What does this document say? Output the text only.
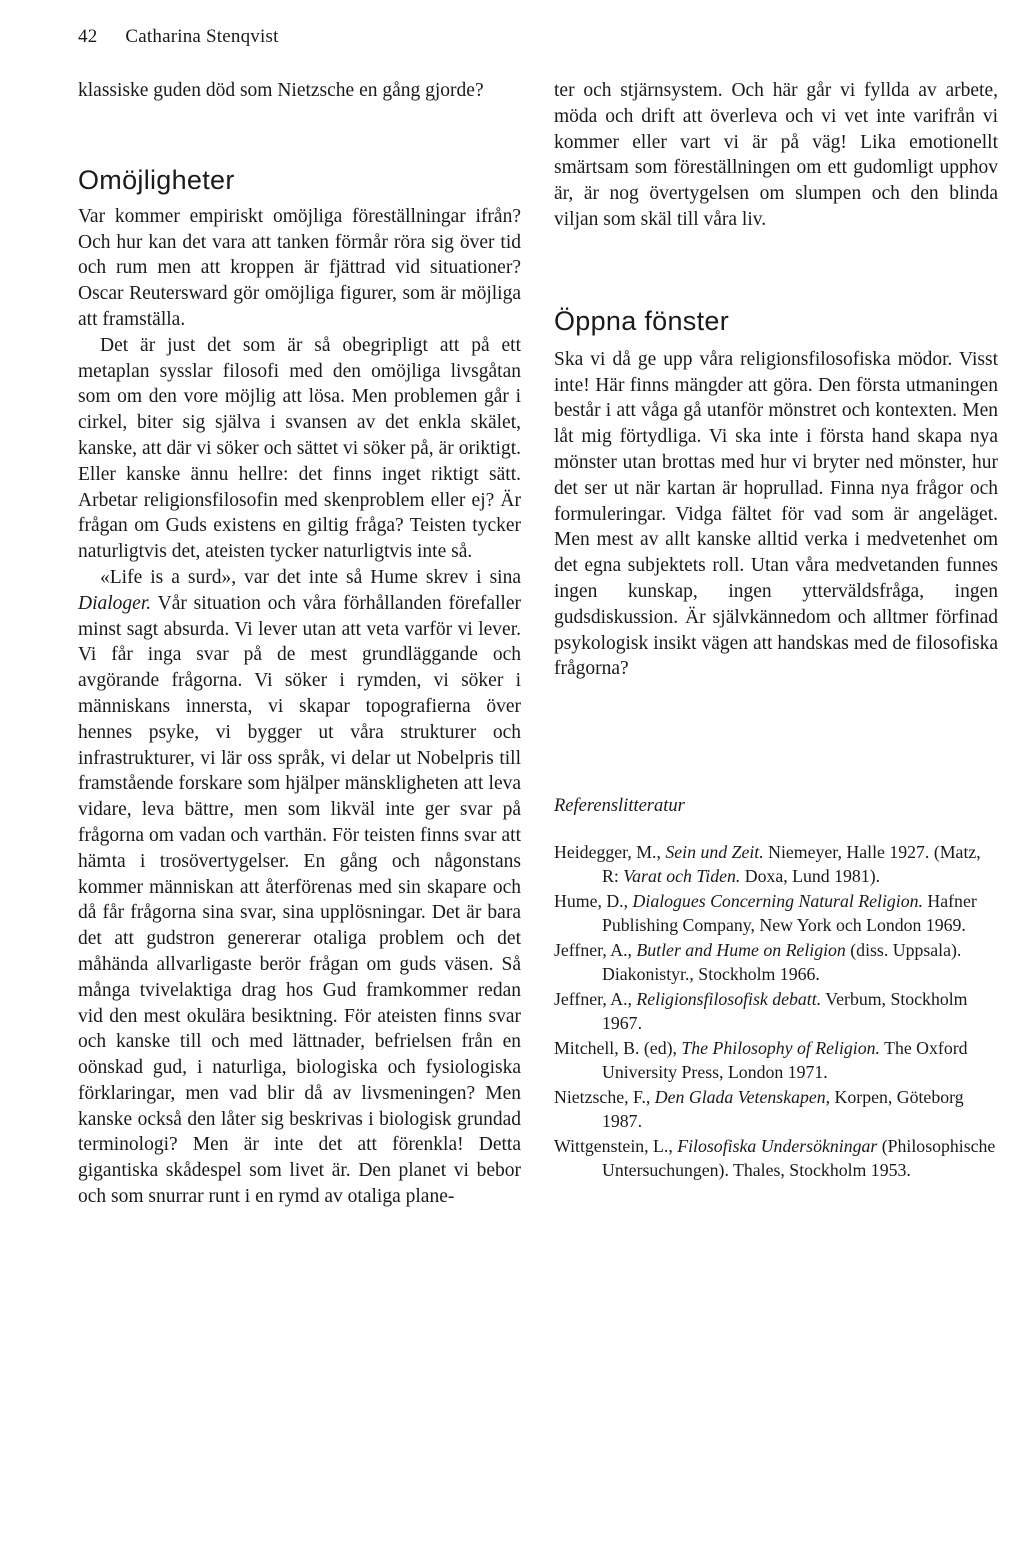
42 Catharina Stenqvist

klassiske guden död som Nietzsche en gång gjorde?

Omöjligheter

Var kommer empiriskt omöjliga föreställningar ifrån? Och hur kan det vara att tanken förmår röra sig över tid och rum men att kroppen är fjättrad vid situationer? Oscar Reutersward gör omöjliga figurer, som är möjliga att framställa.

Det är just det som är så obegripligt att på ett metaplan sysslar filosofi med den omöjliga livsgåtan som om den vore möjlig att lösa. Men problemen går i cirkel, biter sig själva i svansen av det enkla skälet, kanske, att där vi söker och sättet vi söker på, är oriktigt. Eller kanske ännu hellre: det finns inget riktigt sätt. Arbetar religionsfilosofin med skenproblem eller ej? Är frågan om Guds existens en giltig fråga? Teisten tycker naturligtvis det, ateisten tycker naturligtvis inte så.

«Life is a surd», var det inte så Hume skrev i sina Dialoger. Vår situation och våra förhållanden förefaller minst sagt absurda. Vi lever utan att veta varför vi lever. Vi får inga svar på de mest grundläggande och avgörande frågorna. Vi söker i rymden, vi söker i människans innersta, vi skapar topografierna över hennes psyke, vi bygger ut våra strukturer och infrastrukturer, vi lär oss språk, vi delar ut Nobelpris till framstående forskare som hjälper mänskligheten att leva vidare, leva bättre, men som likväl inte ger svar på frågorna om vadan och varthän. För teisten finns svar att hämta i trosövertygelser. En gång och någonstans kommer människan att återförenas med sin skapare och då får frågorna sina svar, sina upplösningar. Det är bara det att gudstron genererar otaliga problem och det måhända allvarligaste berör frågan om guds väsen. Så många tvivelaktiga drag hos Gud framkommer redan vid den mest okulära besiktning. För ateisten finns svar och kanske till och med lättnader, befrielsen från en oönskad gud, i naturliga, biologiska och fysiologiska förklaringar, men vad blir då av livsmeningen? Men kanske också den låter sig beskrivas i biologisk grundad terminologi? Men är inte det att förenkla! Detta gigantiska skådespel som livet är. Den planet vi bebor och som snurrar runt i en rymd av otaliga plane-

ter och stjärnsystem. Och här går vi fyllda av arbete, möda och drift att överleva och vi vet inte varifrån vi kommer eller vart vi är på väg! Lika emotionellt smärtsam som föreställningen om ett gudomligt upphov är, är nog övertygelsen om slumpen och den blinda viljan som skäl till våra liv.

Öppna fönster

Ska vi då ge upp våra religionsfilosofiska mödor. Visst inte! Här finns mängder att göra. Den första utmaningen består i att våga gå utanför mönstret och kontexten. Men låt mig förtydliga. Vi ska inte i första hand skapa nya mönster utan brottas med hur vi bryter ned mönster, hur det ser ut när kartan är hoprullad. Finna nya frågor och formuleringar. Vidga fältet för vad som är angeläget. Men mest av allt kanske alltid verka i medvetenhet om det egna subjektets roll. Utan våra medvetanden funnes ingen kunskap, ingen ytterväldsfråga, ingen gudsdiskussion. Är självkännedom och alltmer förfinad psykologisk insikt vägen att handskas med de filosofiska frågorna?

Referenslitteratur
Heidegger, M., Sein und Zeit. Niemeyer, Halle 1927. (Matz, R: Varat och Tiden. Doxa, Lund 1981).
Hume, D., Dialogues Concerning Natural Religion. Hafner Publishing Company, New York och London 1969.
Jeffner, A., Butler and Hume on Religion (diss. Uppsala). Diakonistyr., Stockholm 1966.
Jeffner, A., Religionsfilosofisk debatt. Verbum, Stockholm 1967.
Mitchell, B. (ed), The Philosophy of Religion. The Oxford University Press, London 1971.
Nietzsche, F., Den Glada Vetenskapen, Korpen, Göteborg 1987.
Wittgenstein, L., Filosofiska Undersökningar (Philosophische Untersuchungen). Thales, Stockholm 1953.
